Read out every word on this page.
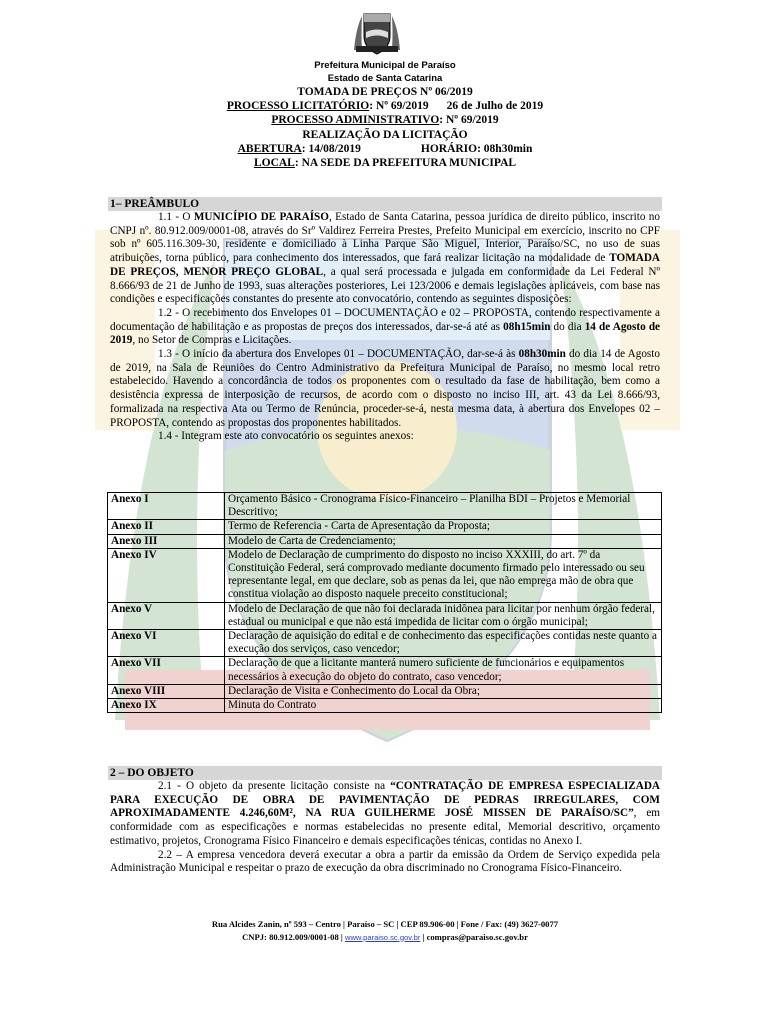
Prefeitura Municipal de Paraíso
Estado de Santa Catarina
TOMADA DE PREÇOS Nº 06/2019
PROCESSO LICITATÓRIO: Nº 69/2019 26 de Julho de 2019
PROCESSO ADMINISTRATIVO: Nº 69/2019
REALIZAÇÃO DA LICITAÇÃO
ABERTURA: 14/08/2019	HORÁRIO: 08h30min
LOCAL: NA SEDE DA PREFEITURA MUNICIPAL
1– PREÂMBULO

1.1 - O MUNICÍPIO DE PARAÍSO, Estado de Santa Catarina, pessoa jurídica de direito público, inscrito no CNPJ nº. 80.912.009/0001-08, através do Srº Valdirez Ferreira Prestes, Prefeito Municipal em exercício, inscrito no CPF sob nº 605.116.309-30, residente e domiciliado à Linha Parque São Miguel, Interior, Paraíso/SC, no uso de suas atribuições, torna público, para conhecimento dos interessados, que fará realizar licitação na modalidade de TOMADA DE PREÇOS, MENOR PREÇO GLOBAL, a qual será processada e julgada em conformidade da Lei Federal Nº 8.666/93 de 21 de Junho de 1993, suas alterações posteriores, Lei 123/2006 e demais legislações aplicáveis, com base nas condições e especificações constantes do presente ato convocatório, contendo as seguintes disposições:

1.2 - O recebimento dos Envelopes 01 – DOCUMENTAÇÃO e 02 – PROPOSTA, contendo respectivamente a documentação de habilitação e as propostas de preços dos interessados, dar-se-á até as 08h15min do dia 14 de Agosto de 2019, no Setor de Compras e Licitações.

1.3 - O início da abertura dos Envelopes 01 – DOCUMENTAÇÃO, dar-se-á às 08h30min do dia 14 de Agosto de 2019, na Sala de Reuniões do Centro Administrativo da Prefeitura Municipal de Paraíso, no mesmo local retro estabelecido. Havendo a concordância de todos os proponentes com o resultado da fase de habilitação, bem como a desistência expressa de interposição de recursos, de acordo com o disposto no inciso III, art. 43 da Lei 8.666/93, formalizada na respectiva Ata ou Termo de Renúncia, proceder-se-á, nesta mesma data, à abertura dos Envelopes 02 – PROPOSTA, contendo as propostas dos proponentes habilitados.

1.4 - Integram este ato convocatório os seguintes anexos:

Anexo I	Orçamento Básico - Cronograma Físico-Financeiro – Planilha BDI – Projetos e Memorial Descritivo;
Anexo II	Termo de Referencia - Carta de Apresentação da Proposta;
Anexo III	Modelo de Carta de Credenciamento;
Anexo IV	Modelo de Declaração de cumprimento do disposto no inciso XXXIII, do art. 7º da Constituição Federal, será comprovado mediante documento firmado pelo interessado ou seu representante legal, em que declare, sob as penas da lei, que não emprega mão de obra que constitua violação ao disposto naquele preceito constitucional;
Anexo V	Modelo de Declaração de que não foi declarada inidônea para licitar por nenhum órgão federal, estadual ou municipal e que não está impedida de licitar com o órgão municipal;
Anexo VI	Declaração de aquisição do edital e de conhecimento das especificações contidas neste quanto a execução dos serviços, caso vencedor;
Anexo VII	Declaração de que a licitante manterá numero suficiente de funcionários e equipamentos necessários à execução do objeto do contrato, caso vencedor;
Anexo VIII	Declaração de Visita e Conhecimento do Local da Obra;
Anexo IX	Minuta do Contrato
2 – DO OBJETO

2.1 - O objeto da presente licitação consiste na “CONTRATAÇÃO DE EMPRESA ESPECIALIZADA PARA EXECUÇÃO DE OBRA DE PAVIMENTAÇÃO DE PEDRAS IRREGULARES, COM APROXIMADAMENTE 4.246,60M², NA RUA GUILHERME JOSÉ MISSEN DE PARAÍSO/SC”, em conformidade com as especificações e normas estabelecidas no presente edital, Memorial descritivo, orçamento estimativo, projetos, Cronograma Físico Financeiro e demais especificações ténicas, contidas no Anexo I.

2.2 – A empresa vencedora deverá executar a obra a partir da emissão da Ordem de Serviço expedida pela Administração Municipal e respeitar o prazo de execução da obra discriminado no Cronograma Físico-Financeiro.

Rua Alcides Zanin, nº 593 – Centro | Paraíso – SC | CEP 89.906-00 | Fone / Fax: (49) 3627-0077
CNPJ: 80.912.009/0001-08 | www.paraiso.sc.gov.br | compras@paraiso.sc.gov.br
